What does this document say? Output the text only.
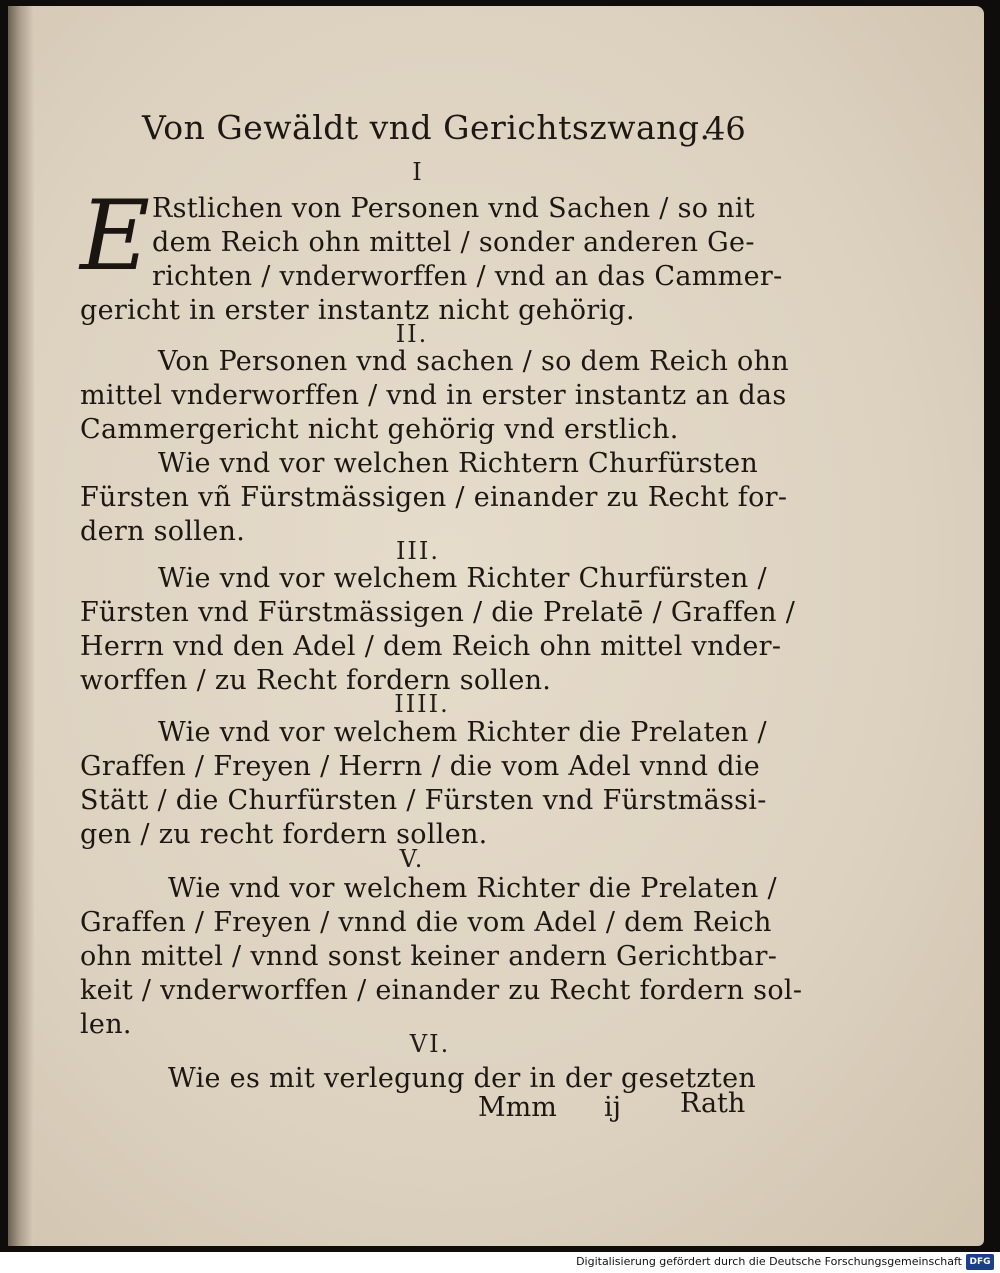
Von Gewäldt vnd Gerichtszwang.
46
I
E Rstlichen von Personen vnd Sachen / so nit
dem Reich ohn mittel / sonder anderen Ge-
richten / vnderworffen / vnd an das Cammer-
gericht in erster instantz nicht gehörig.
II.
Von Personen vnd sachen / so dem Reich ohn
mittel vnderworffen / vnd in erster instantz an das
Cammergericht nicht gehörig vnd erstlich.
Wie vnd vor welchen Richtern Churfürsten
Fürsten vñ Fürstmässigen / einander zu Recht for-
dern sollen.
III.
Wie vnd vor welchem Richter Churfürsten /
Fürsten vnd Fürstmässigen / die Prelatē / Graffen /
Herrn vnd den Adel / dem Reich ohn mittel vnder-
worffen / zu Recht fordern sollen.
IIII.
Wie vnd vor welchem Richter die Prelaten /
Graffen / Freyen / Herrn / die vom Adel vnnd die
Stätt / die Churfürsten / Fürsten vnd Fürstmässi-
gen / zu recht fordern sollen.
V.
Wie vnd vor welchem Richter die Prelaten /
Graffen / Freyen / vnnd die vom Adel / dem Reich
ohn mittel / vnnd sonst keiner andern Gerichtbar-
keit / vnderworffen / einander zu Recht fordern sol-
len.
VI.
Wie es mit verlegung der in der gesetzten
Mmm ij Rath
Digitalisierung gefördert durch die Deutsche Forschungsgemeinschaft DFG
